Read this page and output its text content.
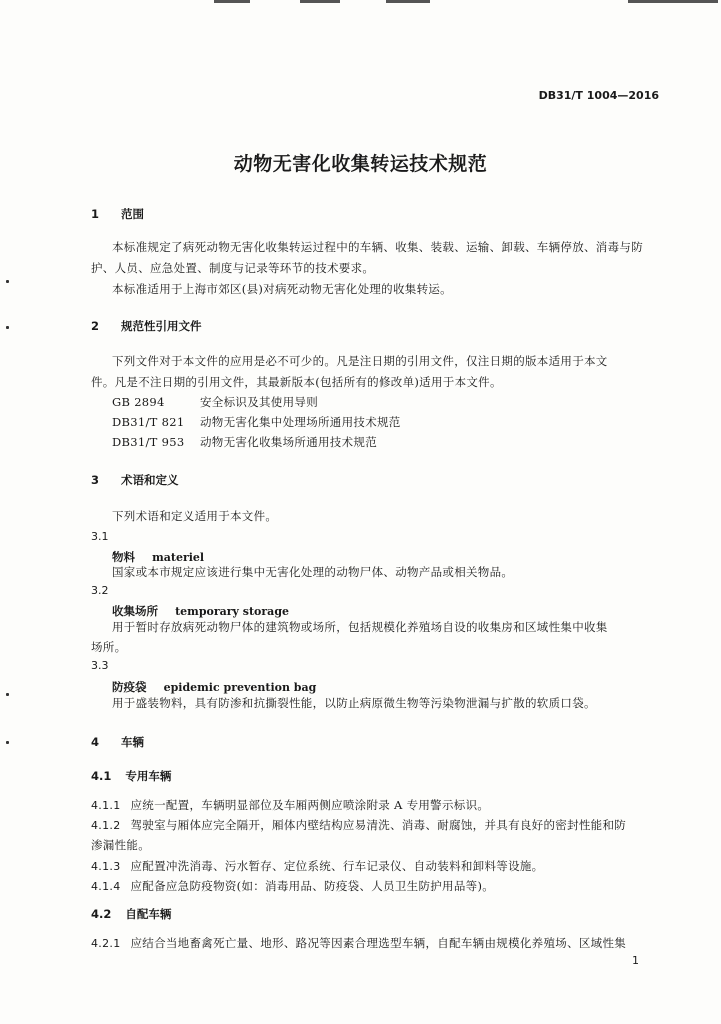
DB31/T 1004—2016
动物无害化收集转运技术规范
1 范围
本标准规定了病死动物无害化收集转运过程中的车辆、收集、装载、运输、卸载、车辆停放、消毒与防
护、人员、应急处置、制度与记录等环节的技术要求。
本标准适用于上海市郊区(县)对病死动物无害化处理的收集转运。
2 规范性引用文件
下列文件对于本文件的应用是必不可少的。凡是注日期的引用文件，仅注日期的版本适用于本文
件。凡是不注日期的引用文件，其最新版本(包括所有的修改单)适用于本文件。
GB 2894	安全标识及其使用导则
DB31/T 821 动物无害化集中处理场所通用技术规范
DB31/T 953 动物无害化收集场所通用技术规范
3 术语和定义
下列术语和定义适用于本文件。
3.1
物料 materiel
国家或本市规定应该进行集中无害化处理的动物尸体、动物产品或相关物品。
3.2
收集场所 temporary storage
用于暂时存放病死动物尸体的建筑物或场所，包括规模化养殖场自设的收集房和区域性集中收集
场所。
3.3
防疫袋 epidemic prevention bag
用于盛装物料，具有防渗和抗撕裂性能，以防止病原微生物等污染物泄漏与扩散的软质口袋。
4 车辆
4.1 专用车辆
4.1.1 应统一配置，车辆明显部位及车厢两侧应喷涂附录 A 专用警示标识。
4.1.2 驾驶室与厢体应完全隔开，厢体内壁结构应易清洗、消毒、耐腐蚀，并具有良好的密封性能和防
渗漏性能。
4.1.3 应配置冲洗消毒、污水暂存、定位系统、行车记录仪、自动装料和卸料等设施。
4.1.4 应配备应急防疫物资(如：消毒用品、防疫袋、人员卫生防护用品等)。
4.2 自配车辆
4.2.1 应结合当地畜禽死亡量、地形、路况等因素合理选型车辆，自配车辆由规模化养殖场、区域性集
1
